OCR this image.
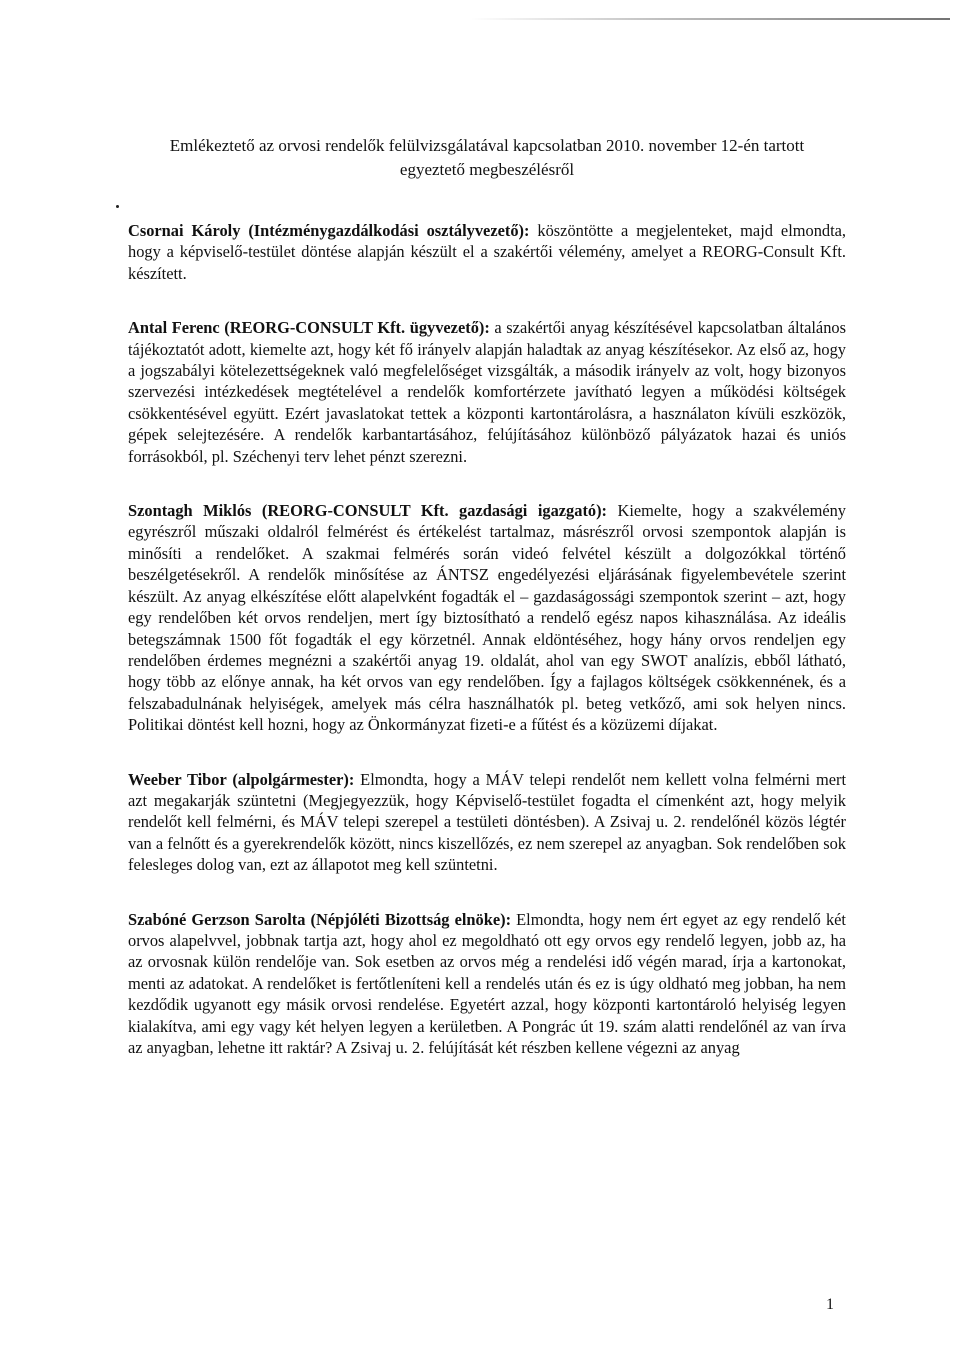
Emlékeztető az orvosi rendelők felülvizsgálatával kapcsolatban 2010. november 12-én tartott
egyeztető megbeszélésről

Csornai Károly (Intézménygazdálkodási osztályvezető): köszöntötte a megjelenteket, majd elmondta, hogy a képviselő-testület döntése alapján készült el a szakértői vélemény, amelyet a REORG-Consult Kft. készített.

Antal Ferenc (REORG-CONSULT Kft. ügyvezető): a szakértői anyag készítésével kapcsolatban általános tájékoztatót adott, kiemelte azt, hogy két fő irányelv alapján haladtak az anyag készítésekor. Az első az, hogy a jogszabályi kötelezettségeknek való megfelelőséget vizsgálták, a második irányelv az volt, hogy bizonyos szervezési intézkedések megtételével a rendelők komfortérzete javítható legyen a működési költségek csökkentésével együtt. Ezért javaslatokat tettek a központi kartontárolásra, a használaton kívüli eszközök, gépek selejtezésére. A rendelők karbantartásához, felújításához különböző pályázatok hazai és uniós forrásokból, pl. Széchenyi terv lehet pénzt szerezni.

Szontagh Miklós (REORG-CONSULT Kft. gazdasági igazgató): Kiemelte, hogy a szakvélemény egyrészről műszaki oldalról felmérést és értékelést tartalmaz, másrészről orvosi szempontok alapján is minősíti a rendelőket. A szakmai felmérés során videó felvétel készült a dolgozókkal történő beszélgetésekről. A rendelők minősítése az ÁNTSZ engedélyezési eljárásának figyelembevétele szerint készült. Az anyag elkészítése előtt alapelvként fogadták el – gazdaságossági szempontok szerint – azt, hogy egy rendelőben két orvos rendeljen, mert így biztosítható a rendelő egész napos kihasználása. Az ideális betegszámnak 1500 főt fogadták el egy körzetnél. Annak eldöntéséhez, hogy hány orvos rendeljen egy rendelőben érdemes megnézni a szakértői anyag 19. oldalát, ahol van egy SWOT analízis, ebből látható, hogy több az előnye annak, ha két orvos van egy rendelőben. Így a fajlagos költségek csökkennének, és a felszabadulnának helyiségek, amelyek más célra használhatók pl. beteg vetkőző, ami sok helyen nincs. Politikai döntést kell hozni, hogy az Önkormányzat fizeti-e a fűtést és a közüzemi díjakat.

Weeber Tibor (alpolgármester): Elmondta, hogy a MÁV telepi rendelőt nem kellett volna felmérni mert azt megakarják szüntetni (Megjegyezzük, hogy Képviselő-testület fogadta el címenként azt, hogy melyik rendelőt kell felmérni, és MÁV telepi szerepel a testületi döntésben). A Zsivaj u. 2. rendelőnél közös légtér van a felnőtt és a gyerekrendelők között, nincs kiszellőzés, ez nem szerepel az anyagban. Sok rendelőben sok felesleges dolog van, ezt az állapotot meg kell szüntetni.

Szabóné Gerzson Sarolta (Népjóléti Bizottság elnöke): Elmondta, hogy nem ért egyet az egy rendelő két orvos alapelvvel, jobbnak tartja azt, hogy ahol ez megoldható ott egy orvos egy rendelő legyen, jobb az, ha az orvosnak külön rendelője van. Sok esetben az orvos még a rendelési idő végén marad, írja a kartonokat, menti az adatokat. A rendelőket is fertőtleníteni kell a rendelés után és ez is úgy oldható meg jobban, ha nem kezdődik ugyanott egy másik orvosi rendelése. Egyetért azzal, hogy központi kartontároló helyiség legyen kialakítva, ami egy vagy két helyen legyen a kerületben. A Pongrác út 19. szám alatti rendelőnél az van írva az anyagban, lehetne itt raktár? A Zsivaj u. 2. felújítását két részben kellene végezni az anyag

1
